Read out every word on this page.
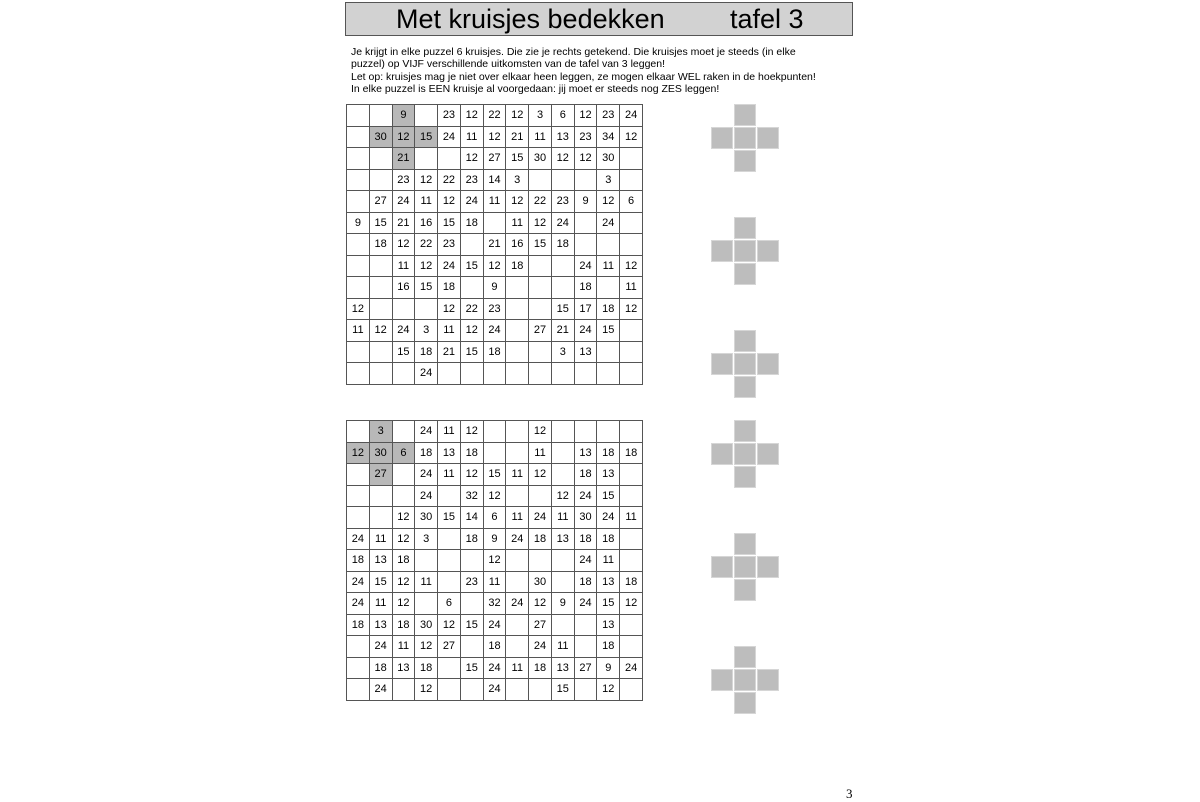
Met kruisjes bedekken tafel 3
Je krijgt in elke puzzel 6 kruisjes. Die zie je rechts getekend. Die kruisjes moet je steeds (in elke
puzzel) op VIJF verschillende uitkomsten van de tafel van 3 leggen!
Let op: kruisjes mag je niet over elkaar heen leggen, ze mogen elkaar WEL raken in de hoekpunten!
In elke puzzel is EEN kruisje al voorgedaan: jij moet er steeds nog ZES leggen!
		9		23	12	22	12	3	6	12	23	24
	30	12	15	24	11	12	21	11	13	23	34	12
		21			12	27	15	30	12	12	30	
		23	12	22	23	14	3				3	
	27	24	11	12	24	11	12	22	23	9	12	6
9	15	21	16	15	18		11	12	24		24	
	18	12	22	23		21	16	15	18			
		11	12	24	15	12	18			24	11	12
		16	15	18		9				18		11
12				12	22	23			15	17	18	12
11	12	24	3	11	12	24		27	21	24	15	
		15	18	21	15	18			3	13		
			24									
	3		24	11	12			12				
12	30	6	18	13	18			11		13	18	18
	27		24	11	12	15	11	12		18	13	
			24		32	12			12	24	15	
		12	30	15	14	6	11	24	11	30	24	11
24	11	12	3		18	9	24	18	13	18	18	
18	13	18				12				24	11	
24	15	12	11		23	11		30		18	13	18
24	11	12		6		32	24	12	9	24	15	12
18	13	18	30	12	15	24		27			13	
	24	11	12	27		18		24	11		18	
	18	13	18		15	24	11	18	13	27	9	24
	24		12			24			15		12	
3
